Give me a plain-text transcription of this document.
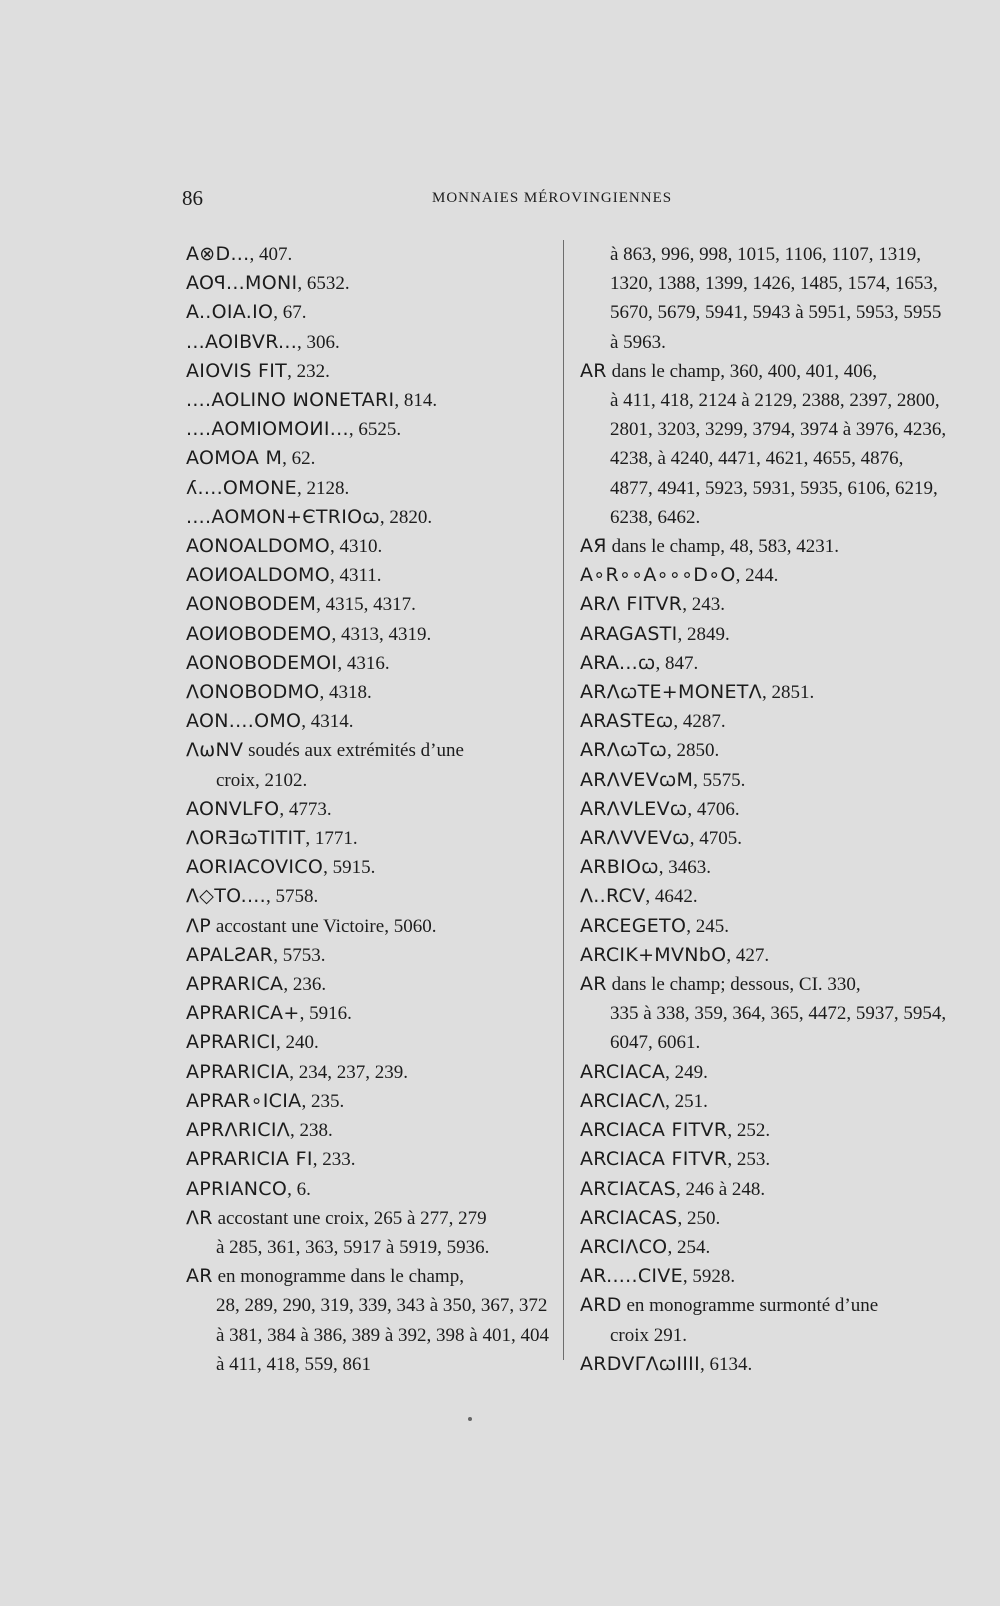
86	MONNAIES MÉROVINGIENNES
A⊗D..., 407.
AOꟼ...MONI, 6532.
A..OIA.IO, 67.
...AOIBVR..., 306.
AIOVIS FIT, 232.
....AOLINO ꟽONETARI, 814.
....AOMIOMOИI..., 6525.
AOMOA M, 62.
ʎ....OMONE, 2128.
....AOMON+ЄTRIOꞷ, 2820.
AONOALDOMO, 4310.
AOИOALDOMO, 4311.
AONOBODEM, 4315, 4317.
AOИOBODEMO, 4313, 4319.
AONOBODEMOI, 4316.
ΛONOBODMO, 4318.
AON....OMO, 4314.
ΛωNV soudés aux extrémités d’une
croix, 2102.
AONVLFO, 4773.
ΛORƎꞷTITIT, 1771.
AORIACOVICO, 5915.
Λ◇TO...., 5758.
ΛP accostant une Victoire, 5060.
APALƧAR, 5753.
APRARICA, 236.
APRARICA+, 5916.
APRARICI, 240.
APRARICIA, 234, 237, 239.
APRAR∘ICIA, 235.
APRΛRICIΛ, 238.
APRARICIA FI, 233.
APRIANCO, 6.
ΛR accostant une croix, 265 à 277, 279
à 285, 361, 363, 5917 à 5919, 5936.
AR en monogramme dans le champ,
28, 289, 290, 319, 339, 343 à 350, 367, 372 à 381, 384 à 386, 389 à 392, 398 à 401, 404 à 411, 418, 559, 861
à 863, 996, 998, 1015, 1106, 1107, 1319, 1320, 1388, 1399, 1426, 1485, 1574, 1653, 5670, 5679, 5941, 5943 à 5951, 5953, 5955 à 5963.
AR dans le champ, 360, 400, 401, 406,
à 411, 418, 2124 à 2129, 2388, 2397, 2800, 2801, 3203, 3299, 3794, 3974 à 3976, 4236, 4238, à 4240, 4471, 4621, 4655, 4876, 4877, 4941, 5923, 5931, 5935, 6106, 6219, 6238, 6462.
AЯ dans le champ, 48, 583, 4231.
A∘R∘∘A∘∘∘D∘O, 244.
ARΛ FITVR, 243.
ARAGASTI, 2849.
ARA...ꞷ, 847.
ARΛꞷTE+MONETΛ, 2851.
ARASTEꞷ, 4287.
ARΛꞷTꞷ, 2850.
ARΛVEVꞷM, 5575.
ARΛVLEVꞷ, 4706.
ARΛVVEVꞷ, 4705.
ARBIOꞷ, 3463.
Λ..RCV, 4642.
ARCEGETO, 245.
ARCIK+MVNbO, 427.
AR dans le champ; dessous, CI. 330,
335 à 338, 359, 364, 365, 4472, 5937, 5954, 6047, 6061.
ARCIACA, 249.
ARCIACΛ, 251.
ARCIACA FITVR, 252.
ARCIACA FITVR, 253.
ARꞆIAꞆAS, 246 à 248.
ARCIACAS, 250.
ARCIΛCO, 254.
AR.....CIVE, 5928.
ARD en monogramme surmonté d’une
croix 291.
ARDVΓΛꞷIIII, 6134.
